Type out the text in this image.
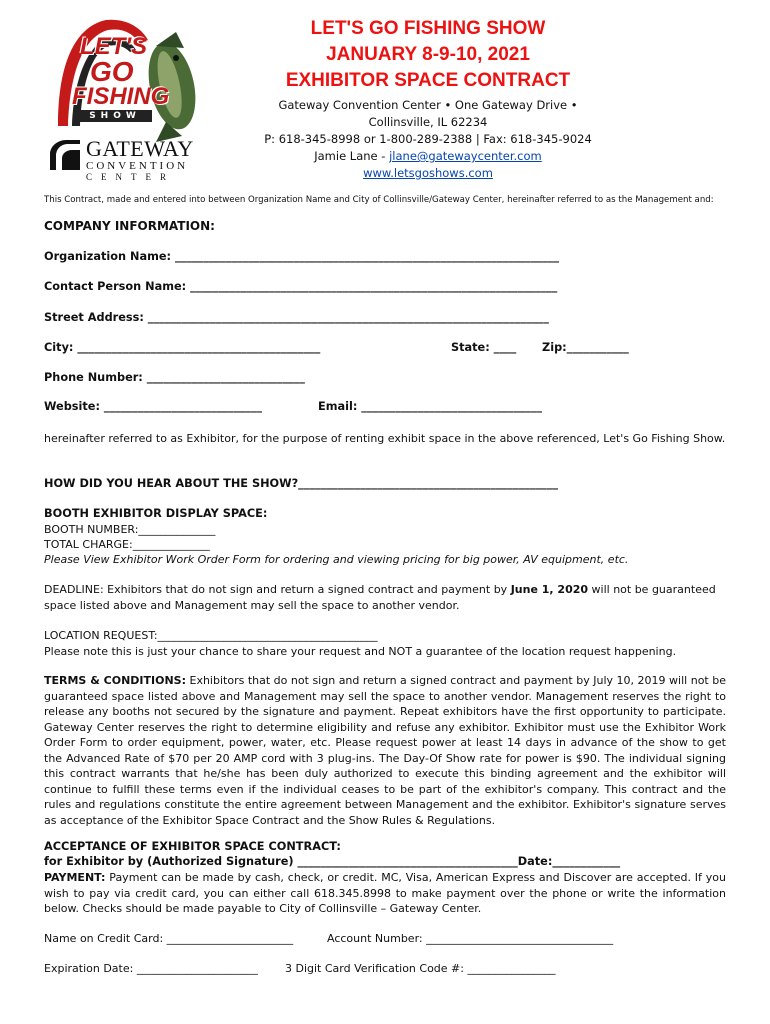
LET'S
GO
FISHING
SHOW
GATEWAY
CONVENTION
CENTER
LET'S GO FISHING SHOW
JANUARY 8-9-10, 2021
EXHIBITOR SPACE CONTRACT
Gateway Convention Center • One Gateway Drive •
Collinsville, IL 62234
P: 618-345-8998 or 1-800-289-2388 | Fax: 618-345-9024
Jamie Lane - jlane@gatewaycenter.com
www.letsgoshows.com
This Contract, made and entered into between Organization Name and City of Collinsville/Gateway Center, hereinafter referred to as the Management and:
COMPANY INFORMATION:
Organization Name: ____________________________________________________________________
Contact Person Name: _________________________________________________________________
Street Address: _______________________________________________________________________
City: ___________________________________________	State: ____ Zip:___________
Phone Number: ____________________________
Website: ____________________________	Email: ________________________________
hereinafter referred to as Exhibitor, for the purpose of renting exhibit space in the above referenced, Let's Go Fishing Show.
HOW DID YOU HEAR ABOUT THE SHOW?______________________________________________
BOOTH EXHIBITOR DISPLAY SPACE:
BOOTH NUMBER:______________
TOTAL CHARGE:______________
Please View Exhibitor Work Order Form for ordering and viewing pricing for big power, AV equipment, etc.
DEADLINE: Exhibitors that do not sign and return a signed contract and payment by June 1, 2020 will not be guaranteed space listed above and Management may sell the space to another vendor.
LOCATION REQUEST:________________________________________
Please note this is just your chance to share your request and NOT a guarantee of the location request happening.
TERMS & CONDITIONS: Exhibitors that do not sign and return a signed contract and payment by July 10, 2019 will not be guaranteed space listed above and Management may sell the space to another vendor. Management reserves the right to release any booths not secured by the signature and payment. Repeat exhibitors have the first opportunity to participate. Gateway Center reserves the right to determine eligibility and refuse any exhibitor. Exhibitor must use the Exhibitor Work Order Form to order equipment, power, water, etc. Please request power at least 14 days in advance of the show to get the Advanced Rate of $70 per 20 AMP cord with 3 plug-ins. The Day-Of Show rate for power is $90. The individual signing this contract warrants that he/she has been duly authorized to execute this binding agreement and the exhibitor will continue to fulfill these terms even if the individual ceases to be part of the exhibitor's company. This contract and the rules and regulations constitute the entire agreement between Management and the exhibitor. Exhibitor's signature serves as acceptance of the Exhibitor Space Contract and the Show Rules & Regulations.
ACCEPTANCE OF EXHIBITOR SPACE CONTRACT:
for Exhibitor by (Authorized Signature) _______________________________________Date:____________
PAYMENT: Payment can be made by cash, check, or credit. MC, Visa, American Express and Discover are accepted. If you wish to pay via credit card, you can either call 618.345.8998 to make payment over the phone or write the information below. Checks should be made payable to City of Collinsville – Gateway Center.
Name on Credit Card: _______________________	Account Number: __________________________________
Expiration Date: ______________________ 3 Digit Card Verification Code #: ________________
